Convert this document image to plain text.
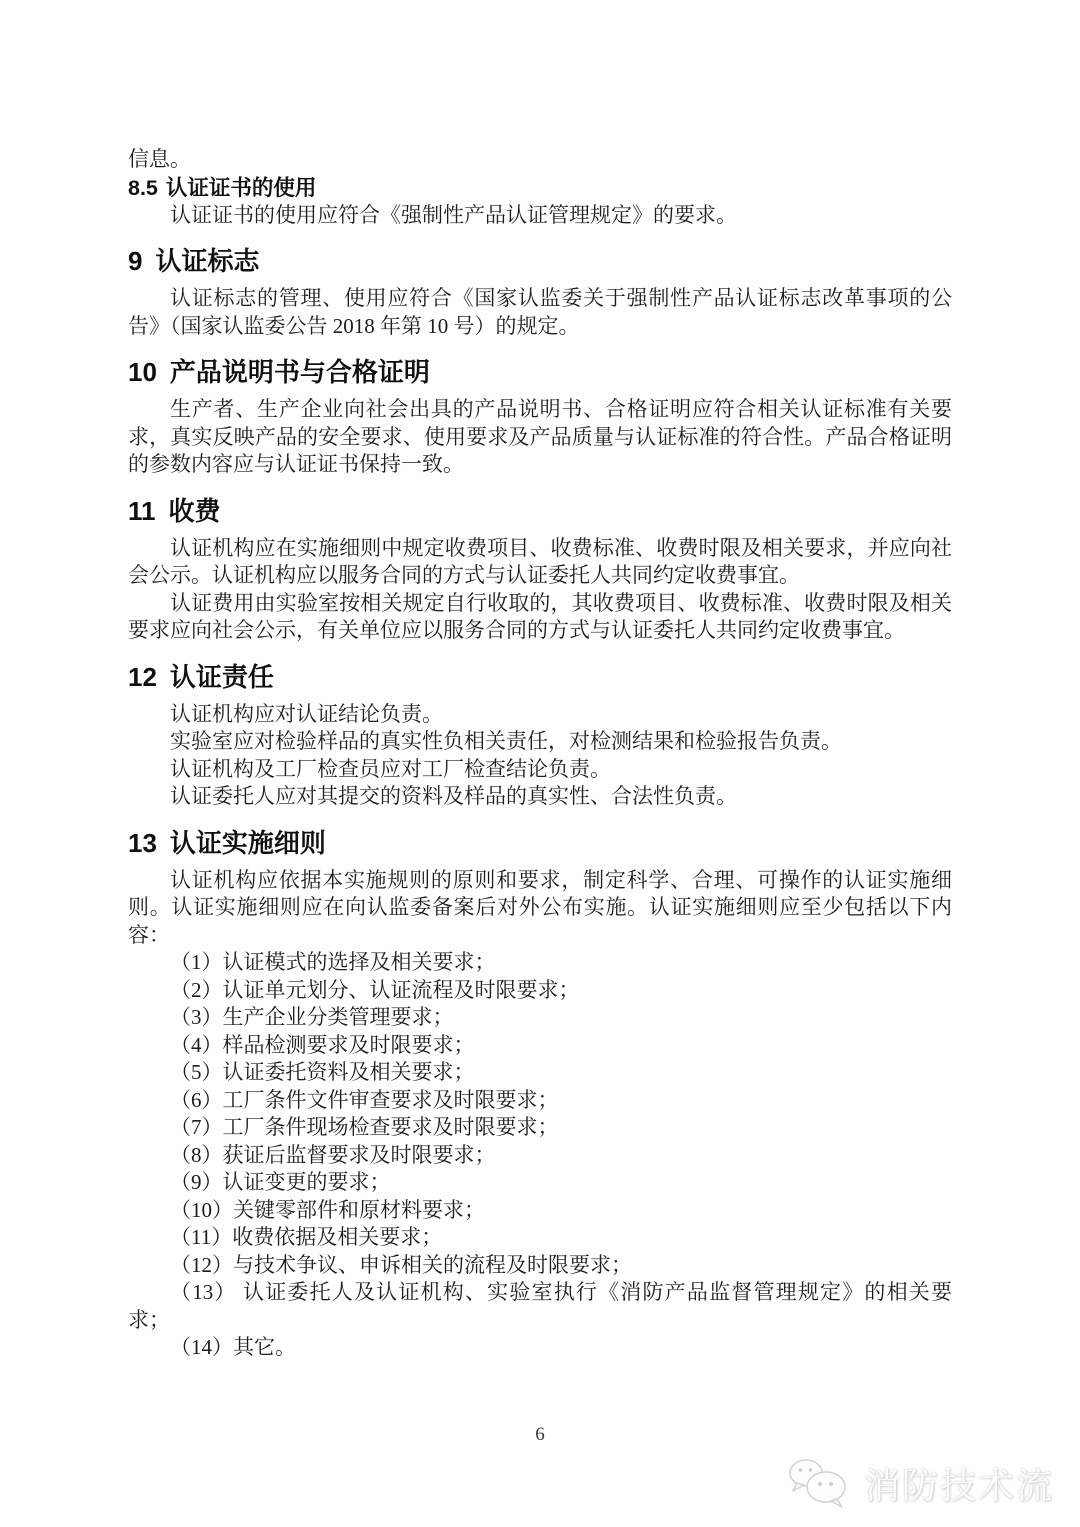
信息。

8.5 认证证书的使用

认证证书的使用应符合《强制性产品认证管理规定》的要求。

9 认证标志

认证标志的管理、使用应符合《国家认监委关于强制性产品认证标志改革事项的公告》（国家认监委公告 2018 年第 10 号）的规定。

10 产品说明书与合格证明

生产者、生产企业向社会出具的产品说明书、合格证明应符合相关认证标准有关要求，真实反映产品的安全要求、使用要求及产品质量与认证标准的符合性。产品合格证明的参数内容应与认证证书保持一致。

11 收费

认证机构应在实施细则中规定收费项目、收费标准、收费时限及相关要求，并应向社会公示。认证机构应以服务合同的方式与认证委托人共同约定收费事宜。

认证费用由实验室按相关规定自行收取的，其收费项目、收费标准、收费时限及相关要求应向社会公示，有关单位应以服务合同的方式与认证委托人共同约定收费事宜。

12 认证责任

认证机构应对认证结论负责。

实验室应对检验样品的真实性负相关责任，对检测结果和检验报告负责。

认证机构及工厂检查员应对工厂检查结论负责。

认证委托人应对其提交的资料及样品的真实性、合法性负责。

13 认证实施细则

认证机构应依据本实施规则的原则和要求，制定科学、合理、可操作的认证实施细则。认证实施细则应在向认监委备案后对外公布实施。认证实施细则应至少包括以下内容：

（1）认证模式的选择及相关要求；

（2）认证单元划分、认证流程及时限要求；

（3）生产企业分类管理要求；

（4）样品检测要求及时限要求；

（5）认证委托资料及相关要求；

（6）工厂条件文件审查要求及时限要求；

（7）工厂条件现场检查要求及时限要求；

（8）获证后监督要求及时限要求；

（9）认证变更的要求；

（10）关键零部件和原材料要求；

（11）收费依据及相关要求；

（12）与技术争议、申诉相关的流程及时限要求；

（13） 认证委托人及认证机构、实验室执行《消防产品监督管理规定》的相关要求；

（14）其它。

6
消防技术流
